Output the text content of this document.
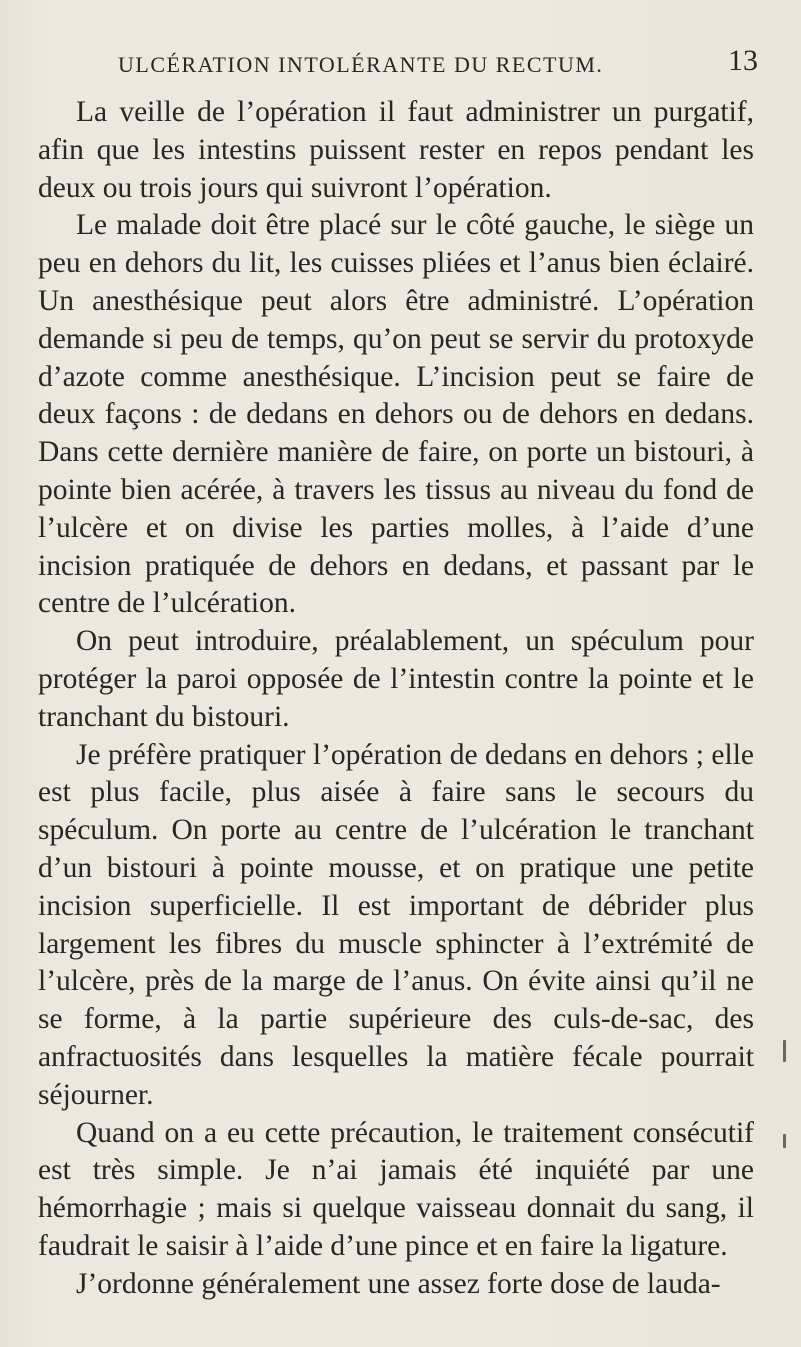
ULCÉRATION INTOLÉRANTE DU RECTUM.	13

La veille de l’opération il faut administrer un purgatif, afin que les intestins puissent rester en repos pendant les deux ou trois jours qui suivront l’opération.

Le malade doit être placé sur le côté gauche, le siège un peu en dehors du lit, les cuisses pliées et l’anus bien éclairé. Un anesthésique peut alors être administré. L’opération demande si peu de temps, qu’on peut se servir du protoxyde d’azote comme anesthésique. L’incision peut se faire de deux façons : de dedans en dehors ou de dehors en dedans. Dans cette dernière manière de faire, on porte un bistouri, à pointe bien acérée, à travers les tissus au niveau du fond de l’ulcère et on divise les parties molles, à l’aide d’une incision pratiquée de dehors en dedans, et passant par le centre de l’ulcération.

On peut introduire, préalablement, un spéculum pour protéger la paroi opposée de l’intestin contre la pointe et le tranchant du bistouri.

Je préfère pratiquer l’opération de dedans en dehors ; elle est plus facile, plus aisée à faire sans le secours du spéculum. On porte au centre de l’ulcération le tranchant d’un bistouri à pointe mousse, et on pratique une petite incision superficielle. Il est important de débrider plus largement les fibres du muscle sphincter à l’extrémité de l’ulcère, près de la marge de l’anus. On évite ainsi qu’il ne se forme, à la partie supérieure des culs-de-sac, des anfractuosités dans lesquelles la matière fécale pourrait séjourner.

Quand on a eu cette précaution, le traitement consécutif est très simple. Je n’ai jamais été inquiété par une hémorrhagie ; mais si quelque vaisseau donnait du sang, il faudrait le saisir à l’aide d’une pince et en faire la ligature.

J’ordonne généralement une assez forte dose de lauda-
